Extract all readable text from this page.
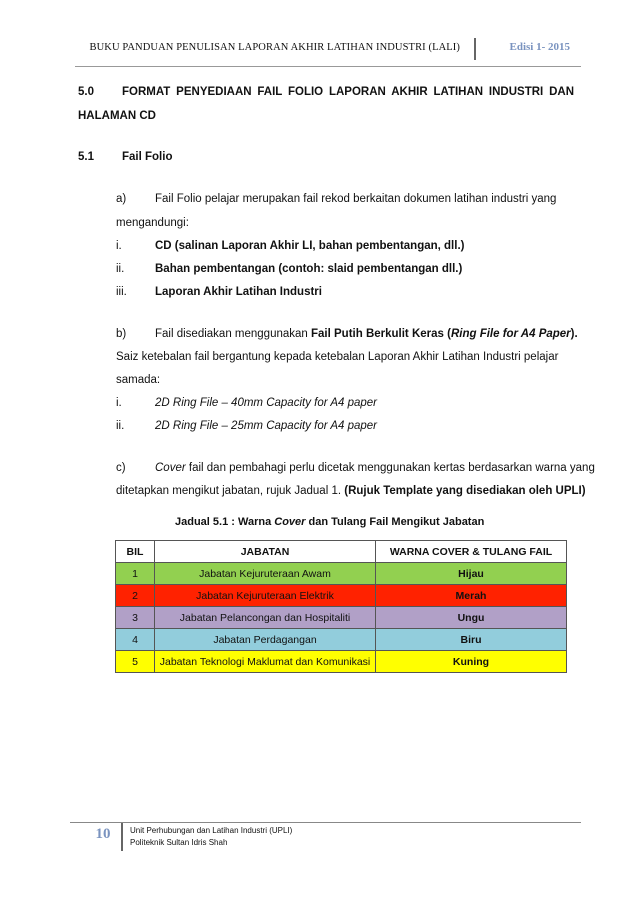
BUKU PANDUAN PENULISAN LAPORAN AKHIR LATIHAN INDUSTRI (LALI)	Edisi 1- 2015
5.0 FORMAT PENYEDIAAN FAIL FOLIO LAPORAN AKHIR LATIHAN INDUSTRI DAN
HALAMAN CD
5.1 Fail Folio
a)	Fail Folio pelajar merupakan fail rekod berkaitan dokumen latihan industri yang
mengandungi:
i.	CD (salinan Laporan Akhir LI, bahan pembentangan, dll.)
ii.	Bahan pembentangan (contoh: slaid pembentangan dll.)
iii. Laporan Akhir Latihan Industri
b)	Fail disediakan menggunakan Fail Putih Berkulit Keras (Ring File for A4 Paper).
Saiz ketebalan fail bergantung kepada ketebalan Laporan Akhir Latihan Industri pelajar
samada:
i.	2D Ring File – 40mm Capacity for A4 paper
ii.	2D Ring File – 25mm Capacity for A4 paper
c)	Cover fail dan pembahagi perlu dicetak menggunakan kertas berdasarkan warna yang
ditetapkan mengikut jabatan, rujuk Jadual 1. (Rujuk Template yang disediakan oleh UPLI)
Jadual 5.1 : Warna Cover dan Tulang Fail Mengikut Jabatan
BIL	JABATAN	WARNA COVER & TULANG FAIL
1	Jabatan Kejuruteraan Awam	Hijau
2	Jabatan Kejuruteraan Elektrik	Merah
3	Jabatan Pelancongan dan Hospitaliti	Ungu
4	Jabatan Perdagangan	Biru
5	Jabatan Teknologi Maklumat dan Komunikasi	Kuning
10	Unit Perhubungan dan Latihan Industri (UPLI)
Politeknik Sultan Idris Shah
